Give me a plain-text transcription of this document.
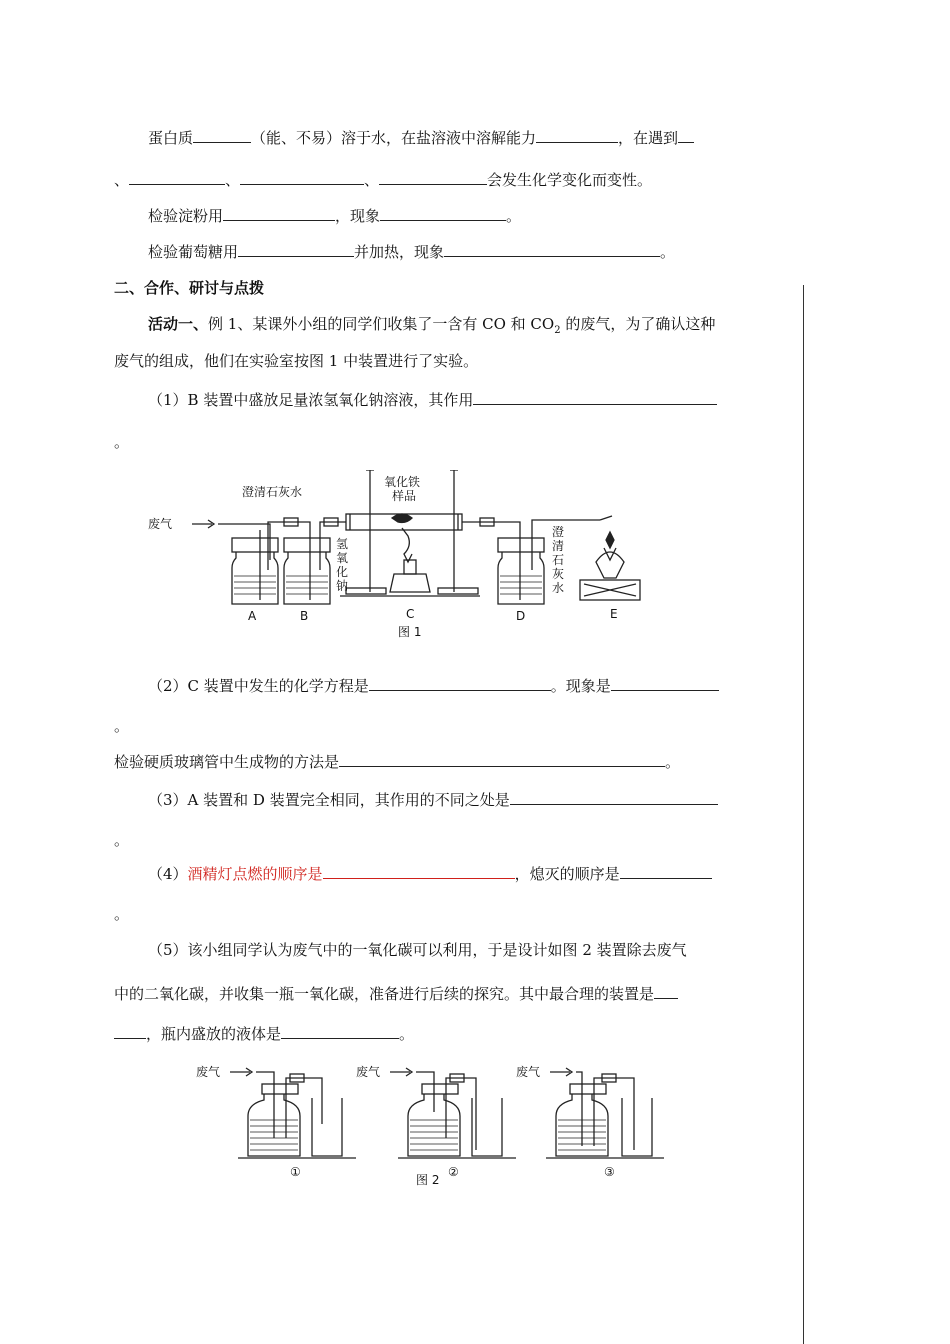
蛋白质	（能、不易）溶于水，在盐溶液中溶解能力	，在遇到
、	、	、	会发生化学变化而变性。
检验淀粉用	，现象	。
检验葡萄糖用	并加热，现象	。
二、合作、研讨与点拨
活动一、例 1、某课外小组的同学们收集了一含有 CO 和 $CO_2$ 的废气，为了确认这种
废气的组成，他们在实验室按图 1 中装置进行了实验。
（1）B 装置中盛放足量浓氢氧化钠溶液，其作用
。
废气
澄清石灰水
氧化铁
样品
氢
氧
化
钠
澄
清
石
灰
水
A	B	C	D	E
图 1
（2）C 装置中发生的化学方程是	。现象是
。
检验硬质玻璃管中生成物的方法是	。
（3）A 装置和 D 装置完全相同，其作用的不同之处是
。
（4）酒精灯点燃的顺序是	，熄灭的顺序是
。
（5）该小组同学认为废气中的一氧化碳可以利用，于是设计如图 2 装置除去废气
中的二氧化碳，并收集一瓶一氧化碳，准备进行后续的探究。其中最合理的装置是
，瓶内盛放的液体是	。
废气	废气	废气
①	②	③
图 2
